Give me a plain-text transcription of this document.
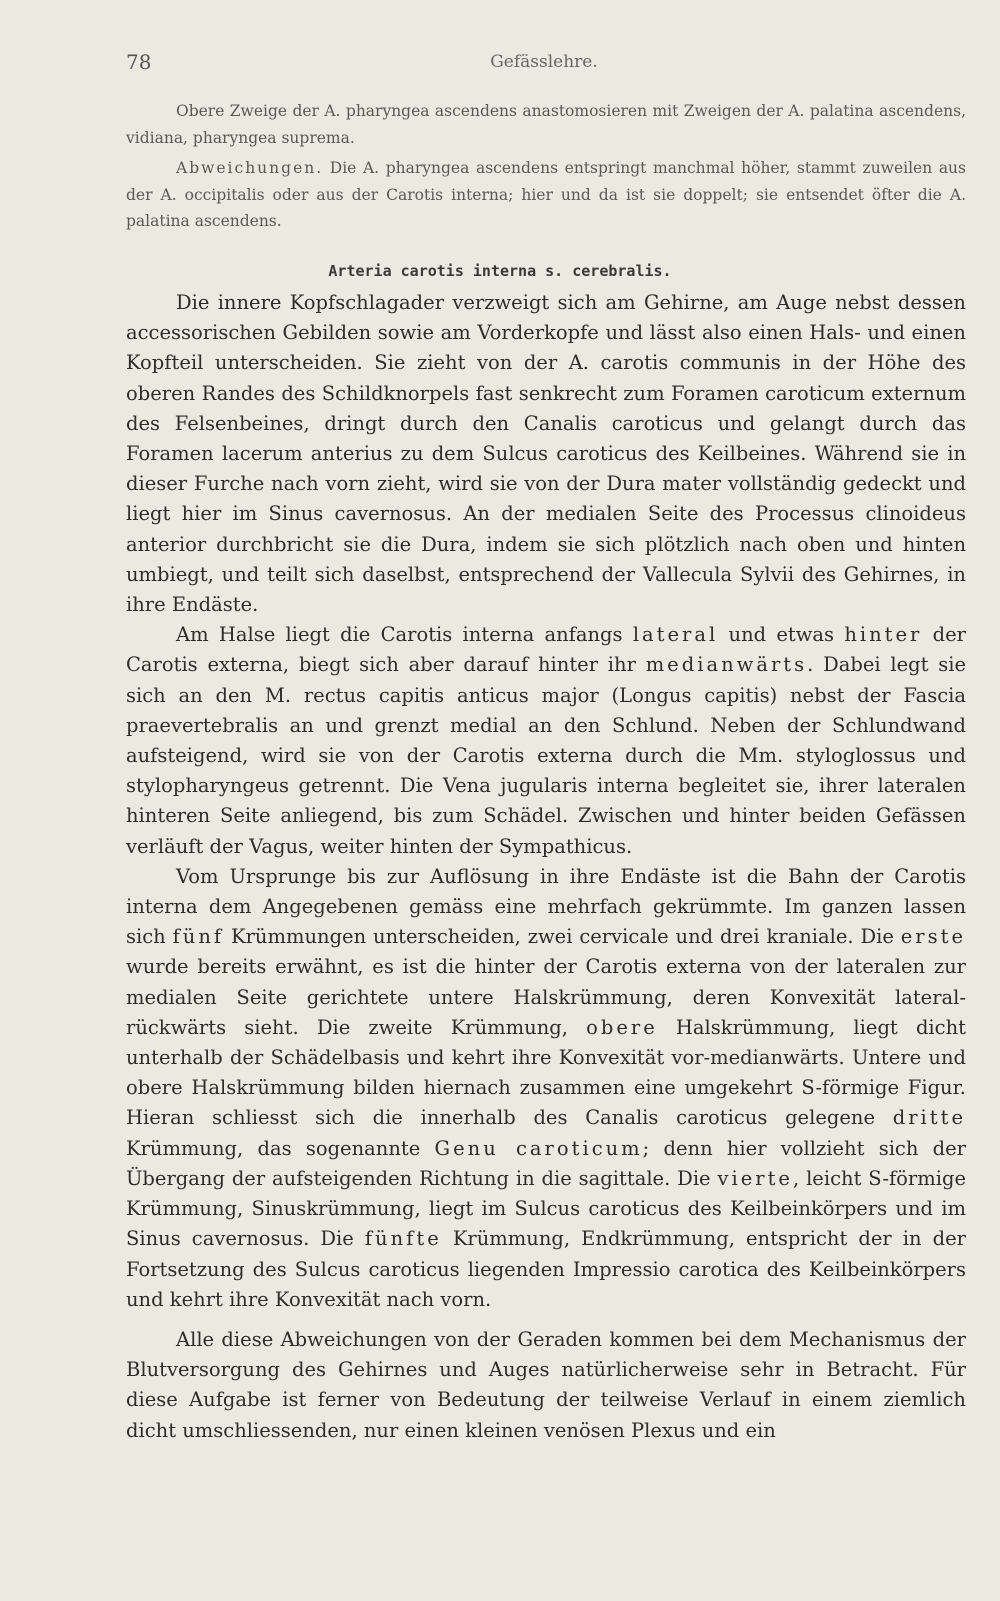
78	Gefässlehre.

Obere Zweige der A. pharyngea ascendens anastomosieren mit Zweigen der A. palatina ascendens, vidiana, pharyngea suprema.

Abweichungen. Die A. pharyngea ascendens entspringt manchmal höher, stammt zuweilen aus der A. occipitalis oder aus der Carotis interna; hier und da ist sie doppelt; sie entsendet öfter die A. palatina ascendens.

Arteria carotis interna s. cerebralis.

Die innere Kopfschlagader verzweigt sich am Gehirne, am Auge nebst dessen accessorischen Gebilden sowie am Vorderkopfe und lässt also einen Hals- und einen Kopfteil unterscheiden. Sie zieht von der A. carotis communis in der Höhe des oberen Randes des Schildknorpels fast senkrecht zum Foramen caroticum externum des Felsenbeines, dringt durch den Canalis caroticus und gelangt durch das Foramen lacerum anterius zu dem Sulcus caroticus des Keilbeines. Während sie in dieser Furche nach vorn zieht, wird sie von der Dura mater vollständig gedeckt und liegt hier im Sinus cavernosus. An der medialen Seite des Processus clinoideus anterior durchbricht sie die Dura, indem sie sich plötzlich nach oben und hinten umbiegt, und teilt sich daselbst, entsprechend der Vallecula Sylvii des Gehirnes, in ihre Endäste.

Am Halse liegt die Carotis interna anfangs lateral und etwas hinter der Carotis externa, biegt sich aber darauf hinter ihr medianwärts. Dabei legt sie sich an den M. rectus capitis anticus major (Longus capitis) nebst der Fascia praevertebralis an und grenzt medial an den Schlund. Neben der Schlundwand aufsteigend, wird sie von der Carotis externa durch die Mm. styloglossus und stylopharyngeus getrennt. Die Vena jugularis interna begleitet sie, ihrer lateralen hinteren Seite anliegend, bis zum Schädel. Zwischen und hinter beiden Gefässen verläuft der Vagus, weiter hinten der Sympathicus.

Vom Ursprunge bis zur Auflösung in ihre Endäste ist die Bahn der Carotis interna dem Angegebenen gemäss eine mehrfach gekrümmte. Im ganzen lassen sich fünf Krümmungen unterscheiden, zwei cervicale und drei kraniale. Die erste wurde bereits erwähnt, es ist die hinter der Carotis externa von der lateralen zur medialen Seite gerichtete untere Halskrümmung, deren Konvexität lateral-rückwärts sieht. Die zweite Krümmung, obere Halskrümmung, liegt dicht unterhalb der Schädelbasis und kehrt ihre Konvexität vor-medianwärts. Untere und obere Halskrümmung bilden hiernach zusammen eine umgekehrt S-förmige Figur. Hieran schliesst sich die innerhalb des Canalis caroticus gelegene dritte Krümmung, das sogenannte Genu caroticum; denn hier vollzieht sich der Übergang der aufsteigenden Richtung in die sagittale. Die vierte, leicht S-förmige Krümmung, Sinuskrümmung, liegt im Sulcus caroticus des Keilbeinkörpers und im Sinus cavernosus. Die fünfte Krümmung, Endkrümmung, entspricht der in der Fortsetzung des Sulcus caroticus liegenden Impressio carotica des Keilbeinkörpers und kehrt ihre Konvexität nach vorn.

Alle diese Abweichungen von der Geraden kommen bei dem Mechanismus der Blutversorgung des Gehirnes und Auges natürlicherweise sehr in Betracht. Für diese Aufgabe ist ferner von Bedeutung der teilweise Verlauf in einem ziemlich dicht umschliessenden, nur einen kleinen venösen Plexus und ein
